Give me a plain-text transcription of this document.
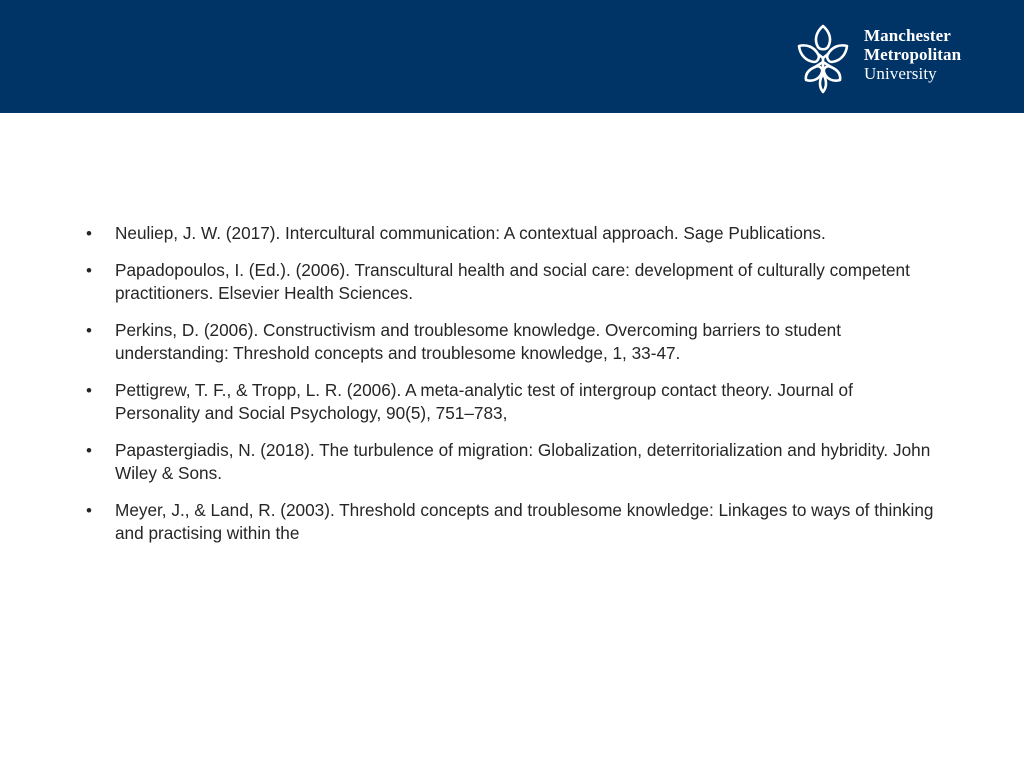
Manchester
Metropolitan
University
•	Neuliep, J. W. (2017). Intercultural communication: A contextual approach. Sage Publications.
•	Papadopoulos, I. (Ed.). (2006). Transcultural health and social care: development of culturally competent practitioners. Elsevier Health Sciences.
•	Perkins, D. (2006). Constructivism and troublesome knowledge. Overcoming barriers to student understanding: Threshold concepts and troublesome knowledge, 1, 33-47.
•	Pettigrew, T. F., & Tropp, L. R. (2006). A meta-analytic test of intergroup contact theory. Journal of Personality and Social Psychology, 90(5), 751–783,
•	Papastergiadis, N. (2018). The turbulence of migration: Globalization, deterritorialization and hybridity. John Wiley & Sons.
•	Meyer, J., & Land, R. (2003). Threshold concepts and troublesome knowledge: Linkages to ways of thinking and practising within the
